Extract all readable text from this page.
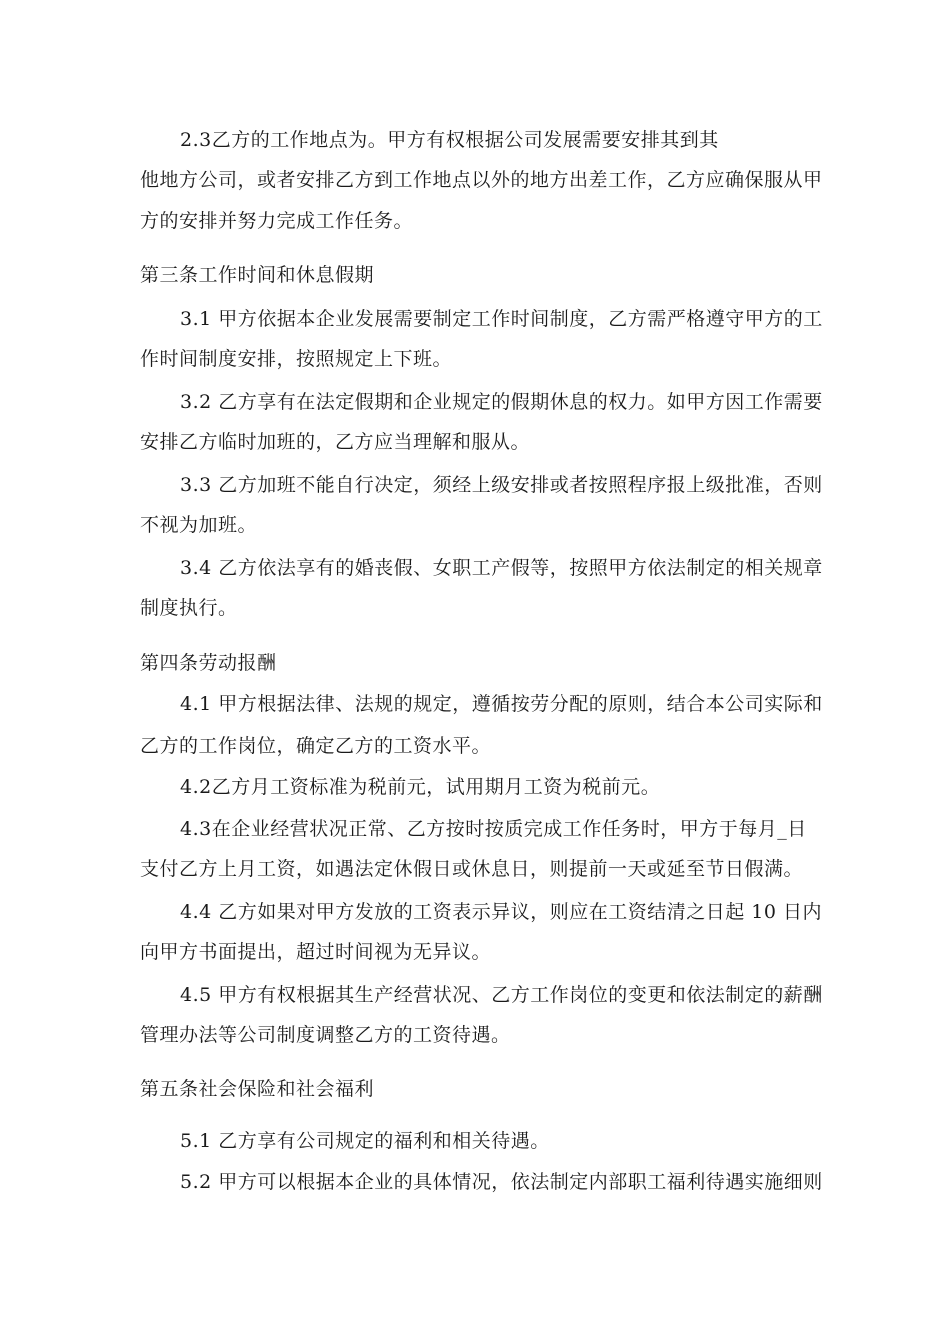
2.3乙方的工作地点为。甲方有权根据公司发展需要安排其到其
他地方公司，或者安排乙方到工作地点以外的地方出差工作，乙方应确保服从甲
方的安排并努力完成工作任务。
第三条工作时间和休息假期
3.1 甲方依据本企业发展需要制定工作时间制度，乙方需严格遵守甲方的工
作时间制度安排，按照规定上下班。
3.2 乙方享有在法定假期和企业规定的假期休息的权力。如甲方因工作需要
安排乙方临时加班的，乙方应当理解和服从。
3.3 乙方加班不能自行决定，须经上级安排或者按照程序报上级批准，否则
不视为加班。
3.4 乙方依法享有的婚丧假、女职工产假等，按照甲方依法制定的相关规章
制度执行。
第四条劳动报酬
4.1 甲方根据法律、法规的规定，遵循按劳分配的原则，结合本公司实际和
乙方的工作岗位，确定乙方的工资水平。
4.2乙方月工资标准为税前元，试用期月工资为税前元。
4.3在企业经营状况正常、乙方按时按质完成工作任务时，甲方于每月_日
支付乙方上月工资，如遇法定休假日或休息日，则提前一天或延至节日假满。
4.4 乙方如果对甲方发放的工资表示异议，则应在工资结清之日起 10 日内
向甲方书面提出，超过时间视为无异议。
4.5 甲方有权根据其生产经营状况、乙方工作岗位的变更和依法制定的薪酬
管理办法等公司制度调整乙方的工资待遇。
第五条社会保险和社会福利
5.1 乙方享有公司规定的福利和相关待遇。
5.2 甲方可以根据本企业的具体情况，依法制定内部职工福利待遇实施细则
